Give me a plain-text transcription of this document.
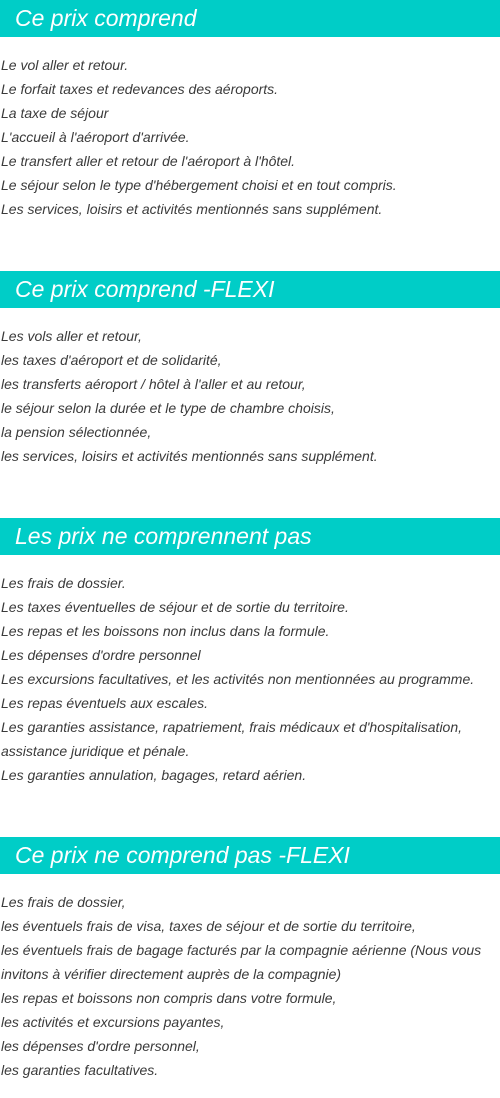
Ce prix comprend
Le vol aller et retour.
Le forfait taxes et redevances des aéroports.
La taxe de séjour
L'accueil à l'aéroport d'arrivée.
Le transfert aller et retour de l'aéroport à l'hôtel.
Le séjour selon le type d'hébergement choisi et en tout compris.
Les services, loisirs et activités mentionnés sans supplément.
Ce prix comprend -FLEXI
Les vols aller et retour,
les taxes d'aéroport et de solidarité,
les transferts aéroport / hôtel à l'aller et au retour,
le séjour selon la durée et le type de chambre choisis,
la pension sélectionnée,
les services, loisirs et activités mentionnés sans supplément.
Les prix ne comprennent pas
Les frais de dossier.
Les taxes éventuelles de séjour et de sortie du territoire.
Les repas et les boissons non inclus dans la formule.
Les dépenses d'ordre personnel
Les excursions facultatives, et les activités non mentionnées au programme.
Les repas éventuels aux escales.
Les garanties assistance, rapatriement, frais médicaux et d'hospitalisation,
assistance juridique et pénale.
Les garanties annulation, bagages, retard aérien.
Ce prix ne comprend pas -FLEXI
Les frais de dossier,
les éventuels frais de visa, taxes de séjour et de sortie du territoire,
les éventuels frais de bagage facturés par la compagnie aérienne (Nous vous
invitons à vérifier directement auprès de la compagnie)
les repas et boissons non compris dans votre formule,
les activités et excursions payantes,
les dépenses d'ordre personnel,
les garanties facultatives.
